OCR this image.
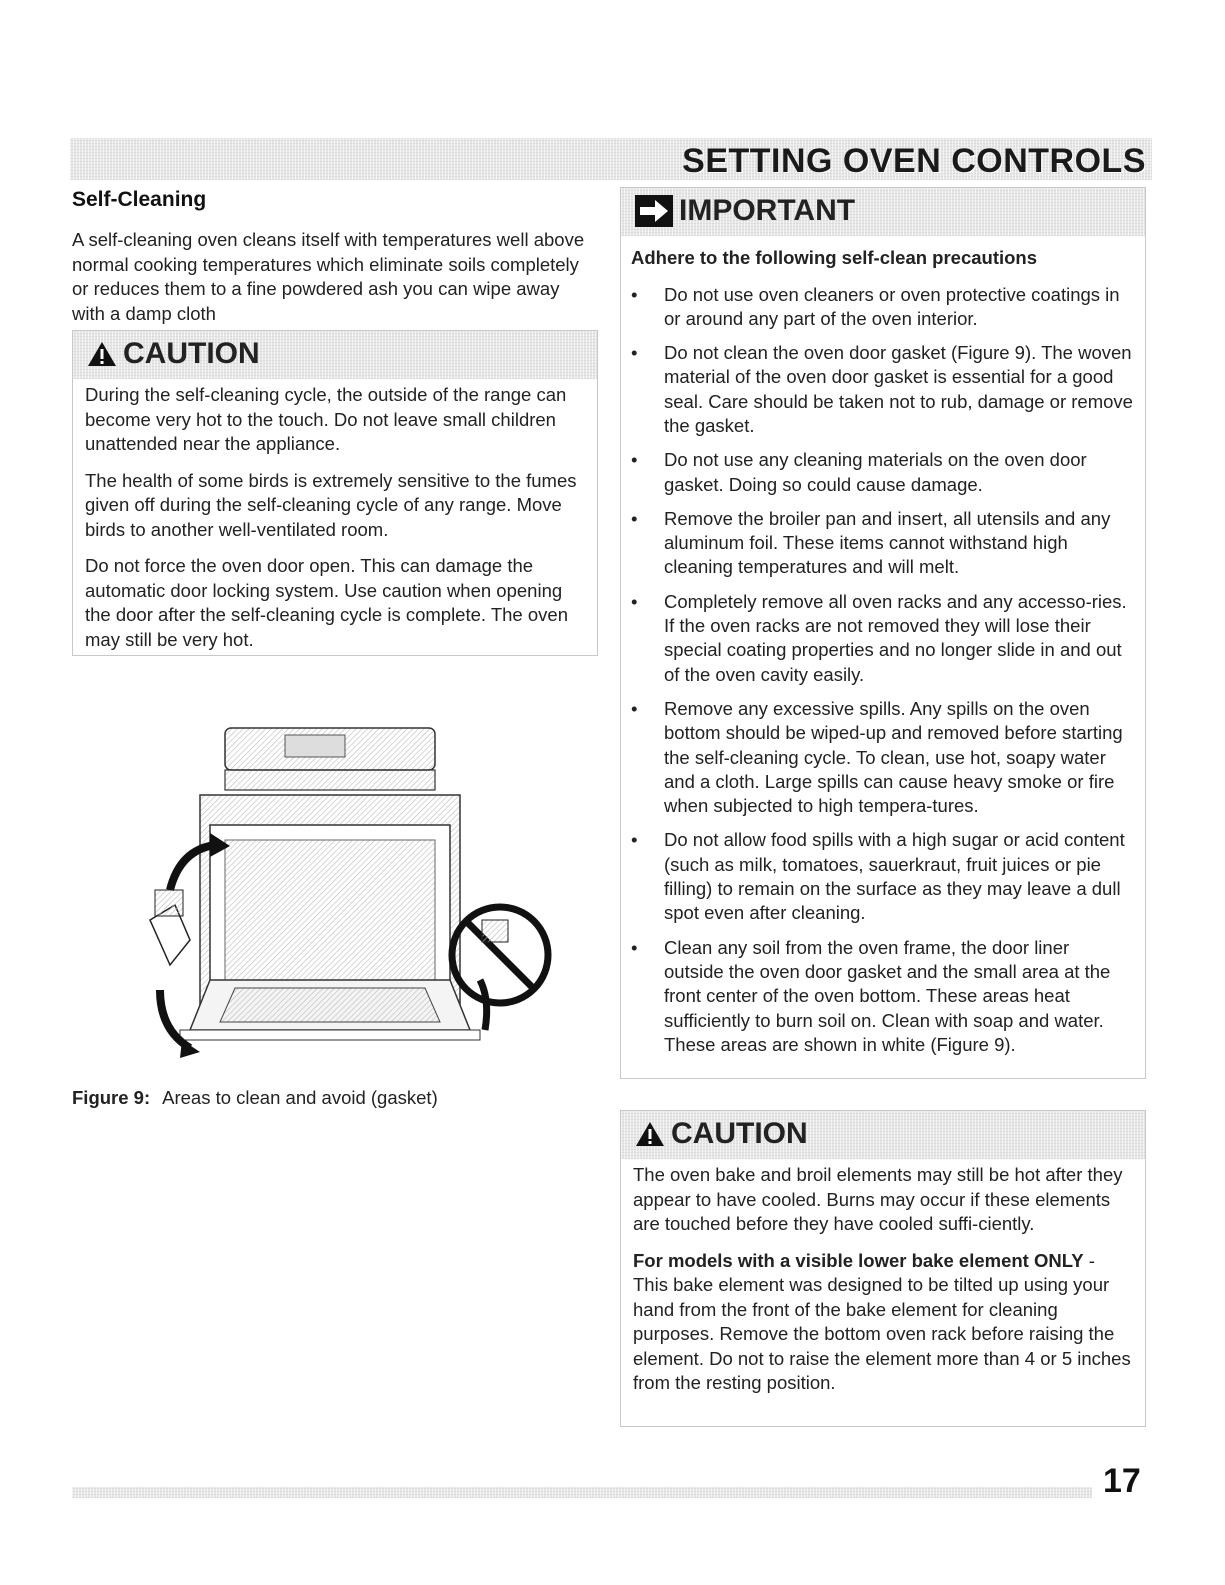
SETTING OVEN CONTROLS
Self-Cleaning

A self-cleaning oven cleans itself with temperatures well above normal cooking temperatures which eliminate soils completely or reduces them to a fine powdered ash you can wipe away with a damp cloth

CAUTION

During the self-cleaning cycle, the outside of the range can become very hot to the touch. Do not leave small children unattended near the appliance.

The health of some birds is extremely sensitive to the fumes given off during the self-cleaning cycle of any range. Move birds to another well-ventilated room.

Do not force the oven door open. This can damage the automatic door locking system. Use caution when opening the door after the self-cleaning cycle is complete. The oven may still be very hot.

Figure 9: Areas to clean and avoid (gasket)
IMPORTANT

Adhere to the following self-clean precautions

• Do not use oven cleaners or oven protective coatings in or around any part of the oven interior.
• Do not clean the oven door gasket (Figure 9). The woven material of the oven door gasket is essential for a good seal. Care should be taken not to rub, damage or remove the gasket.
• Do not use any cleaning materials on the oven door gasket. Doing so could cause damage.
• Remove the broiler pan and insert, all utensils and any aluminum foil. These items cannot withstand high cleaning temperatures and will melt.
• Completely remove all oven racks and any accesso-ries. If the oven racks are not removed they will lose their special coating properties and no longer slide in and out of the oven cavity easily.
• Remove any excessive spills. Any spills on the oven bottom should be wiped-up and removed before starting the self-cleaning cycle. To clean, use hot, soapy water and a cloth. Large spills can cause heavy smoke or fire when subjected to high tempera-tures.
• Do not allow food spills with a high sugar or acid content (such as milk, tomatoes, sauerkraut, fruit juices or pie filling) to remain on the surface as they may leave a dull spot even after cleaning.
• Clean any soil from the oven frame, the door liner outside the oven door gasket and the small area at the front center of the oven bottom. These areas heat sufficiently to burn soil on. Clean with soap and water. These areas are shown in white (Figure 9).
CAUTION

The oven bake and broil elements may still be hot after they appear to have cooled. Burns may occur if these elements are touched before they have cooled suffi-ciently.

For models with a visible lower bake element ONLY - This bake element was designed to be tilted up using your hand from the front of the bake element for cleaning purposes. Remove the bottom oven rack before raising the element. Do not to raise the element more than 4 or 5 inches from the resting position.

17
